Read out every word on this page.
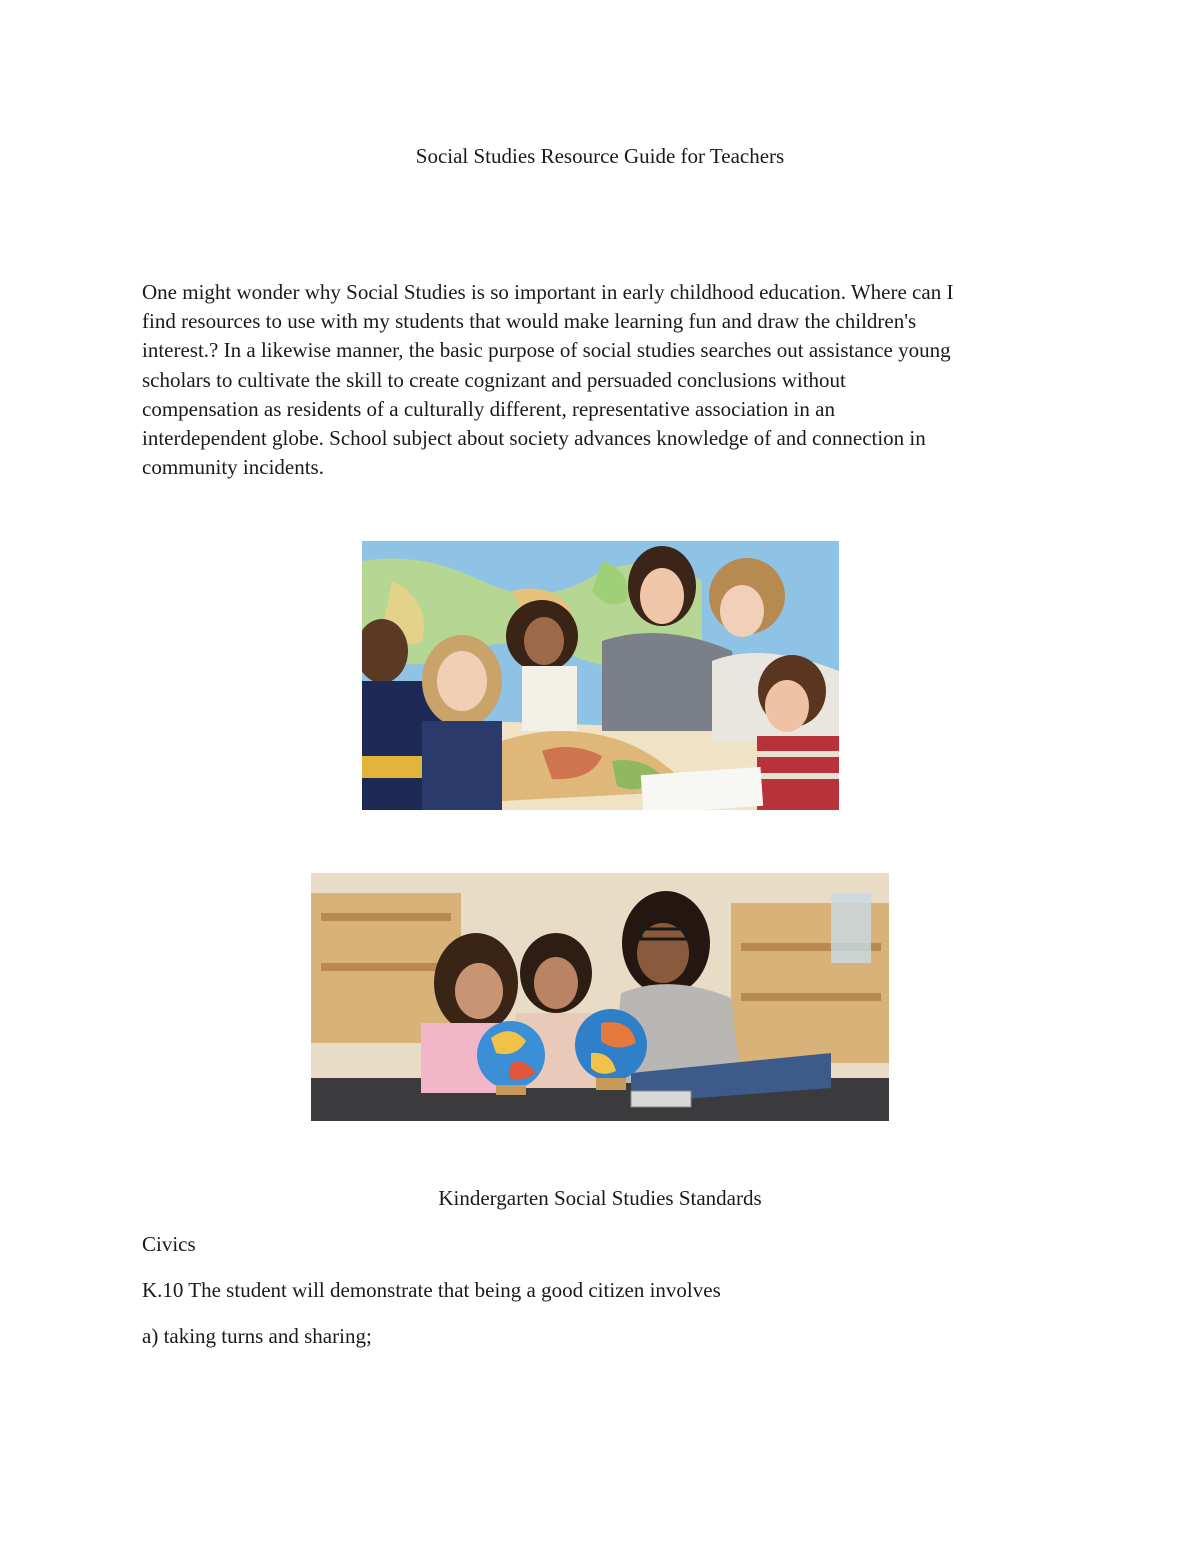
Social Studies Resource Guide for Teachers

One might wonder why Social Studies is so important in early childhood education. Where can I
find resources to use with my students that would make learning fun and draw the children's
interest.? In a likewise manner, the basic purpose of social studies searches out assistance young
scholars to cultivate the skill to create cognizant and persuaded conclusions without
compensation as residents of a culturally different, representative association in an
interdependent globe. School subject about society advances knowledge of and connection in
community incidents.

Kindergarten Social Studies Standards

Civics

K.10 The student will demonstrate that being a good citizen involves

a) taking turns and sharing;
